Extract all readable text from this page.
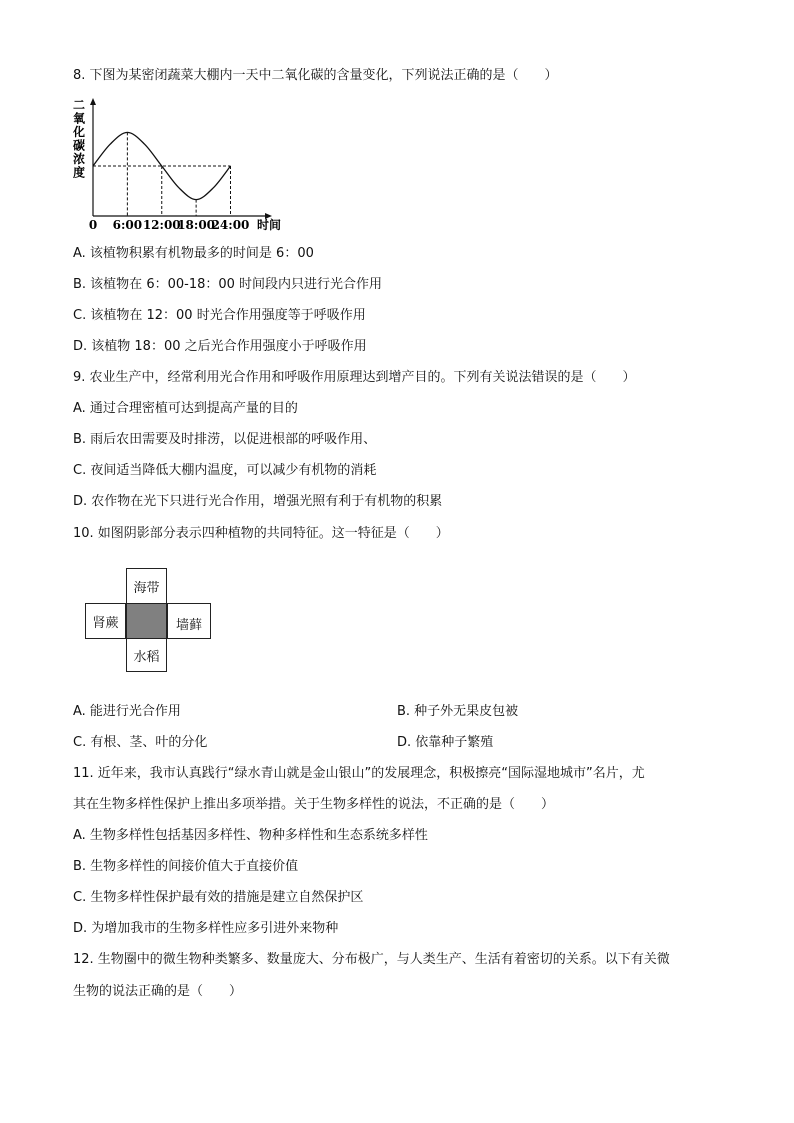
8. 下图为某密闭蔬菜大棚内一天中二氧化碳的含量变化，下列说法正确的是（　　）
二
氧
化
碳
浓
度
0 6:00 12:00
18:00
24:00 时间
A. 该植物积累有机物最多的时间是 6：00
B. 该植物在 6：00-18：00 时间段内只进行光合作用
C. 该植物在 12：00 时光合作用强度等于呼吸作用
D. 该植物 18：00 之后光合作用强度小于呼吸作用
9. 农业生产中，经常利用光合作用和呼吸作用原理达到增产目的。下列有关说法错误的是（　　）
A. 通过合理密植可达到提高产量的目的
B. 雨后农田需要及时排涝，以促进根部的呼吸作用、
C. 夜间适当降低大棚内温度，可以减少有机物的消耗
D. 农作物在光下只进行光合作用，增强光照有利于有机物的积累
10. 如图阴影部分表示四种植物的共同特征。这一特征是（　　）
海带
肾蕨	墙藓
水稻
A. 能进行光合作用	B. 种子外无果皮包被
C. 有根、茎、叶的分化	D. 依靠种子繁殖
11. 近年来，我市认真践行“绿水青山就是金山银山”的发展理念，积极擦亮“国际湿地城市”名片，尤
其在生物多样性保护上推出多项举措。关于生物多样性的说法，不正确的是（　　）
A. 生物多样性包括基因多样性、物种多样性和生态系统多样性
B. 生物多样性的间接价值大于直接价值
C. 生物多样性保护最有效的措施是建立自然保护区
D. 为增加我市的生物多样性应多引进外来物种
12. 生物圈中的微生物种类繁多、数量庞大、分布极广，与人类生产、生活有着密切的关系。以下有关微
生物的说法正确的是（　　）
